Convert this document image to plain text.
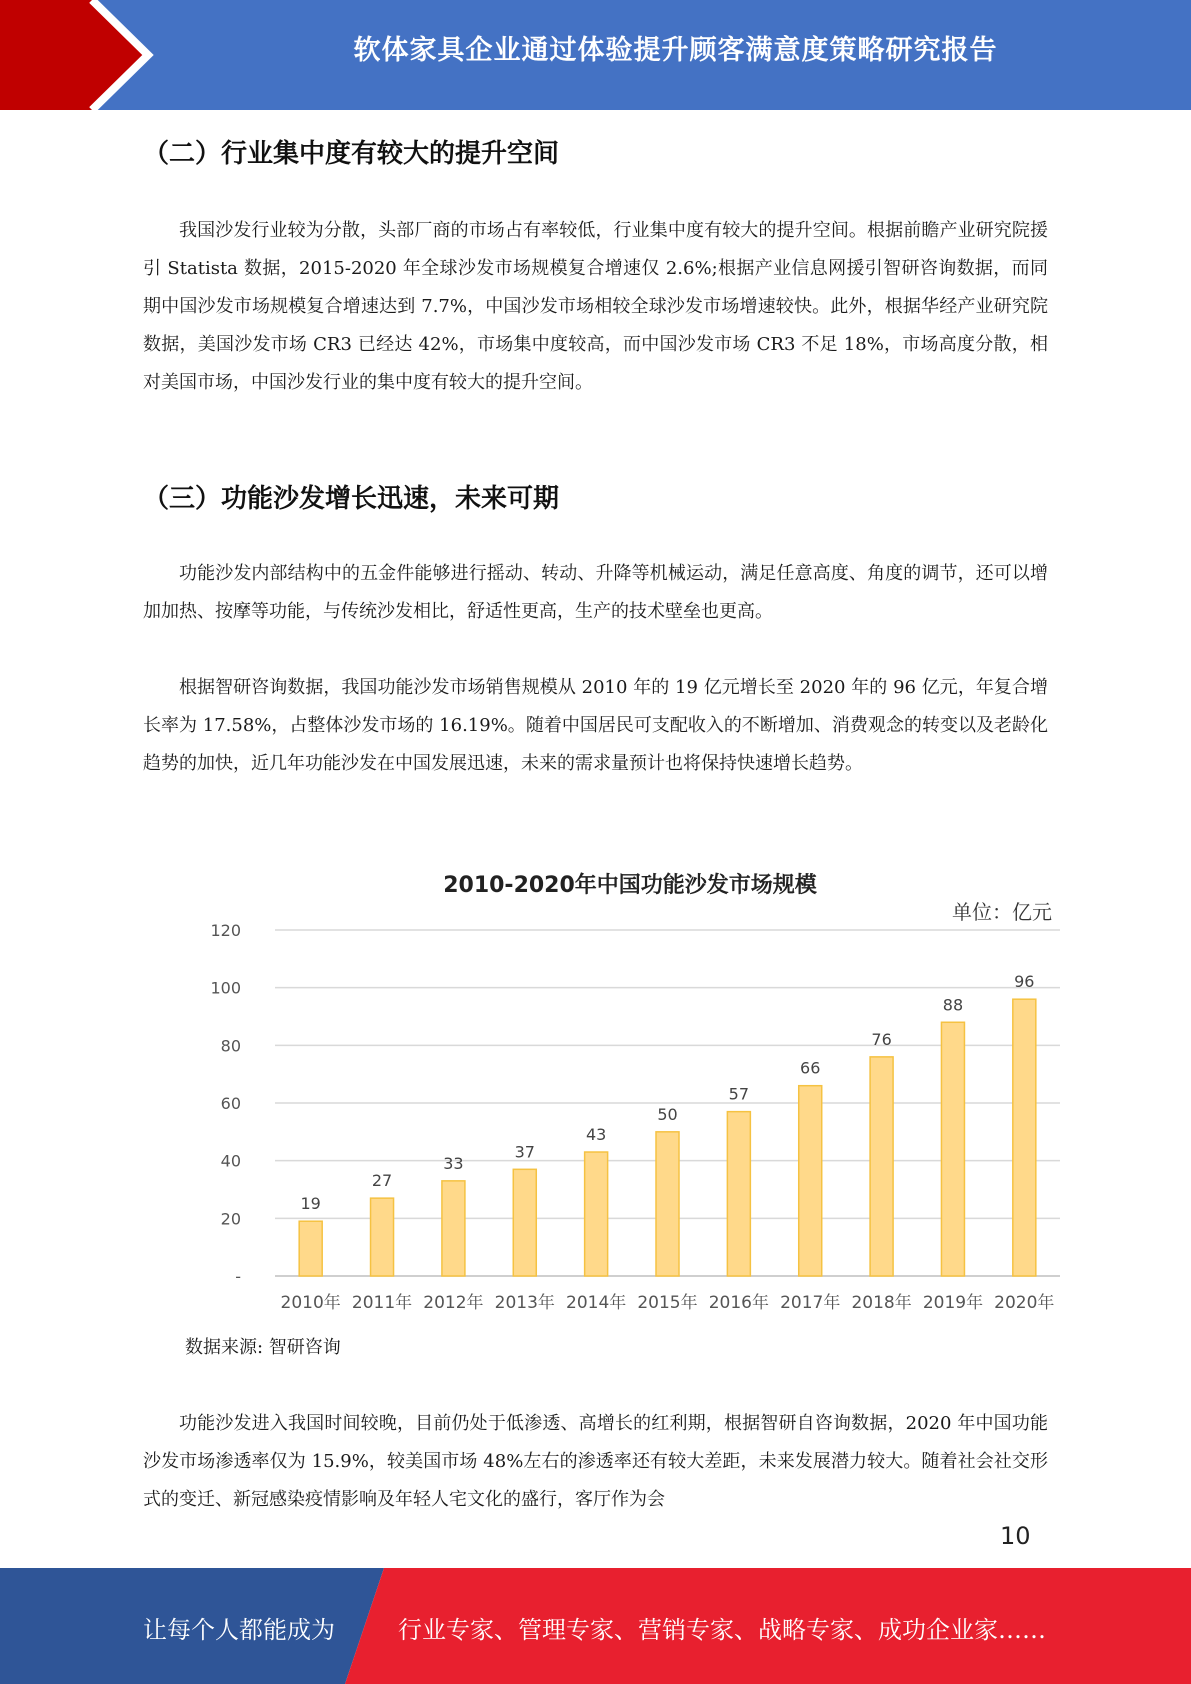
软体家具企业通过体验提升顾客满意度策略研究报告
（二）行业集中度有较大的提升空间

我国沙发行业较为分散，头部厂商的市场占有率较低，行业集中度有较大的提升空间。根据前瞻产业研究院援引 Statista 数据，2015-2020 年全球沙发市场规模复合增速仅 2.6%;根据产业信息网援引智研咨询数据，而同期中国沙发市场规模复合增速达到 7.7%，中国沙发市场相较全球沙发市场增速较快。此外，根据华经产业研究院数据，美国沙发市场 CR3 已经达 42%，市场集中度较高，而中国沙发市场 CR3 不足 18%，市场高度分散，相对美国市场，中国沙发行业的集中度有较大的提升空间。

（三）功能沙发增长迅速，未来可期

功能沙发内部结构中的五金件能够进行摇动、转动、升降等机械运动，满足任意高度、角度的调节，还可以增加加热、按摩等功能，与传统沙发相比，舒适性更高，生产的技术壁垒也更高。

根据智研咨询数据，我国功能沙发市场销售规模从 2010 年的 19 亿元增长至 2020 年的 96 亿元，年复合增长率为 17.58%，占整体沙发市场的 16.19%。随着中国居民可支配收入的不断增加、消费观念的转变以及老龄化趋势的加快，近几年功能沙发在中国发展迅速，未来的需求量预计也将保持快速增长趋势。

2010-2020年中国功能沙发市场规模
单位：亿元
-
20
40
60
80
100
120
19
2010年
27
2011年
33
2012年
37
2013年
43
2014年
50
2015年
57
2016年
66
2017年
76
2018年
88
2019年
96
2020年
数据来源: 智研咨询

功能沙发进入我国时间较晚，目前仍处于低渗透、高增长的红利期，根据智研自咨询数据，2020 年中国功能沙发市场渗透率仅为 15.9%，较美国市场 48%左右的渗透率还有较大差距，未来发展潜力较大。随着社会社交形式的变迁、新冠感染疫情影响及年轻人宅文化的盛行，客厅作为会

10
让每个人都能成为	行业专家、管理专家、营销专家、战略专家、成功企业家……
